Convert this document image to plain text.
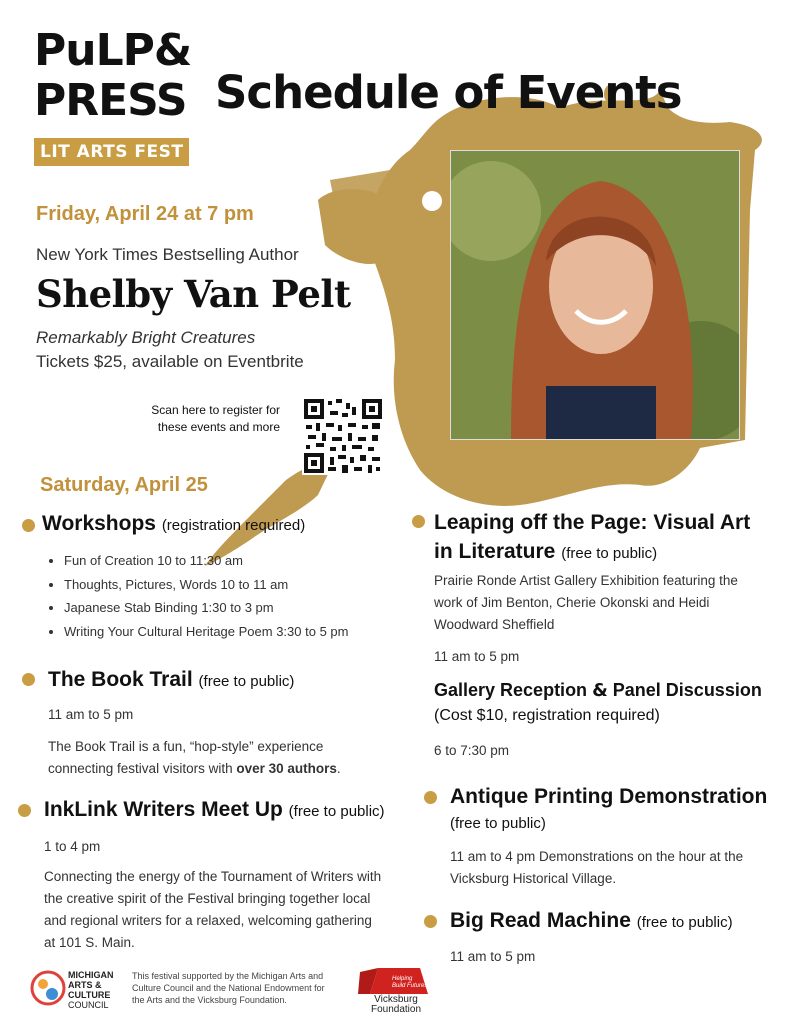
PuLP&
PRESS
LIT ARTS FEST
Schedule of Events
Friday, April 24 at 7 pm
New York Times Bestselling Author
Shelby Van Pelt
Remarkably Bright Creatures
Tickets $25, available on Eventbrite
Scan here to register for
these events and more
Saturday, April 25
Workshops (registration required)
• Fun of Creation 10 to 11:30 am
• Thoughts, Pictures, Words 10 to 11 am
• Japanese Stab Binding 1:30 to 3 pm
• Writing Your Cultural Heritage Poem 3:30 to 5 pm
The Book Trail (free to public)
11 am to 5 pm
The Book Trail is a fun, “hop-style” experience
connecting festival visitors with over 30 authors.
InkLink Writers Meet Up (free to public)
1 to 4 pm
Connecting the energy of the Tournament of Writers with
the creative spirit of the Festival bringing together local
and regional writers for a relaxed, welcoming gathering
at 101 S. Main.
Leaping off the Page: Visual Art
in Literature (free to public)
Prairie Ronde Artist Gallery Exhibition featuring the
work of Jim Benton, Cherie Okonski and Heidi
Woodward Sheffield
11 am to 5 pm
Gallery Reception & Panel Discussion
(Cost $10, registration required)
6 to 7:30 pm
Antique Printing Demonstration
(free to public)
11 am to 4 pm Demonstrations on the hour at the
Vicksburg Historical Village.
Big Read Machine (free to public)
11 am to 5 pm
MICHIGAN
ARTS &
CULTURE
COUNCIL
This festival supported by the Michigan Arts and
Culture Council and the National Endowment for
the Arts and the Vicksburg Foundation.
Helping
Build Futures
Vicksburg
Foundation
